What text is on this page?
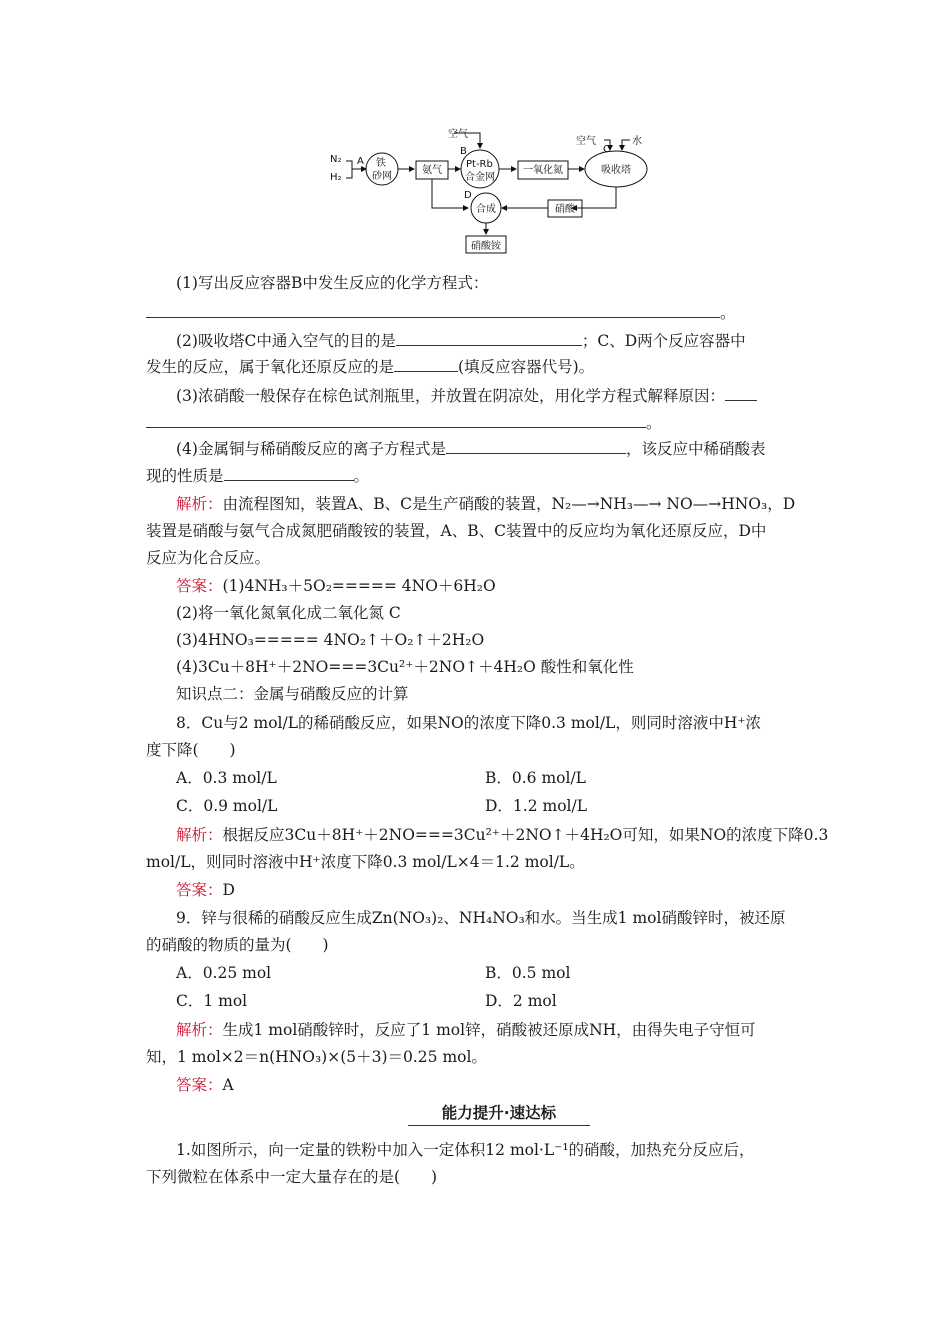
N₂
H₂
A 铁
砂网
氨气
空气
B
Pt-Rb
合金网
一氧化氮
空气
C
水
吸收塔
D
合成	硝酸
硝酸铵
(1)写出反应容器B中发生反应的化学方程式：
。
(2)吸收塔C中通入空气的目的是	；C、D两个反应容器中
发生的反应，属于氧化还原反应的是	(填反应容器代号)。
(3)浓硝酸一般保存在棕色试剂瓶里，并放置在阴凉处，用化学方程式解释原因：
。
(4)金属铜与稀硝酸反应的离子方程式是	，该反应中稀硝酸表
现的性质是	。
解析：由流程图知，装置A、B、C是生产硝酸的装置，N₂—→NH₃—→ NO—→HNO₃，D
装置是硝酸与氨气合成氮肥硝酸铵的装置，A、B、C装置中的反应均为氧化还原反应，D中
反应为化合反应。
答案：(1)4NH₃＋5O₂===== 4NO＋6H₂O
(2)将一氧化氮氧化成二氧化氮 C
(3)4HNO₃===== 4NO₂↑＋O₂↑＋2H₂O
(4)3Cu＋8H⁺＋2NO===3Cu²⁺＋2NO↑＋4H₂O 酸性和氧化性
知识点二：金属与硝酸反应的计算
8．Cu与2 mol/L的稀硝酸反应，如果NO的浓度下降0.3 mol/L，则同时溶液中H⁺浓
度下降(　　)
A．0.3 mol/L	B．0.6 mol/L
C．0.9 mol/L	D．1.2 mol/L
解析：根据反应3Cu＋8H⁺＋2NO===3Cu²⁺＋2NO↑＋4H₂O可知，如果NO的浓度下降0.3
mol/L，则同时溶液中H⁺浓度下降0.3 mol/L×4＝1.2 mol/L。
答案：D
9．锌与很稀的硝酸反应生成Zn(NO₃)₂、NH₄NO₃和水。当生成1 mol硝酸锌时，被还原
的硝酸的物质的量为(　　)
A．0.25 mol	B．0.5 mol
C．1 mol	D．2 mol
解析：生成1 mol硝酸锌时，反应了1 mol锌，硝酸被还原成NH，由得失电子守恒可
知，1 mol×2＝n(HNO₃)×(5＋3)＝0.25 mol。
答案：A
能力提升·速达标
1.如图所示，向一定量的铁粉中加入一定体积12 mol·L⁻¹的硝酸，加热充分反应后，
下列微粒在体系中一定大量存在的是(　　)
